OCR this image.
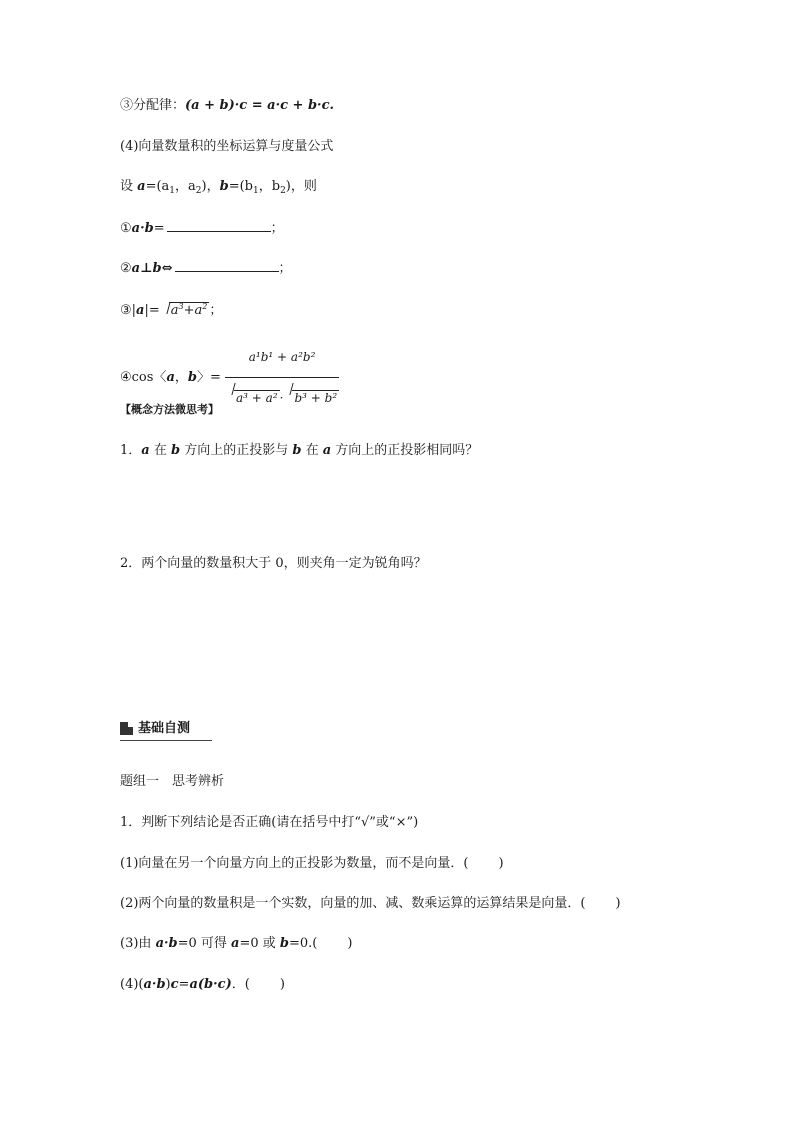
③分配律：(a + b)·c = a·c + b·c.
(4)向量数量积的坐标运算与度量公式
设 $a=(a_1$，$a_2$)，$b=(b_1$，$b_2$)，则
①a·b=	；
②a⊥b⇔	；
③|a|= $a^3+a^2$ ；
④cos〈a，b〉= $\frac{\text{a¹b¹ + a²b²}}{\text{a³ + a² · b³ + b²}}$
【概念方法微思考】
1．a 在 b 方向上的正投影与 b 在 a 方向上的正投影相同吗？
2．两个向量的数量积大于 0，则夹角一定为锐角吗？
基础自测
题组一　思考辨析
1．判断下列结论是否正确(请在括号中打“√”或“×”)
(1)向量在另一个向量方向上的正投影为数量，而不是向量．( )
(2)两个向量的数量积是一个实数，向量的加、减、数乘运算的运算结果是向量．( )
(3)由 a·b=0 可得 a=0 或 b=0.( )
(4)(a·b)c=a(b·c)．( )
